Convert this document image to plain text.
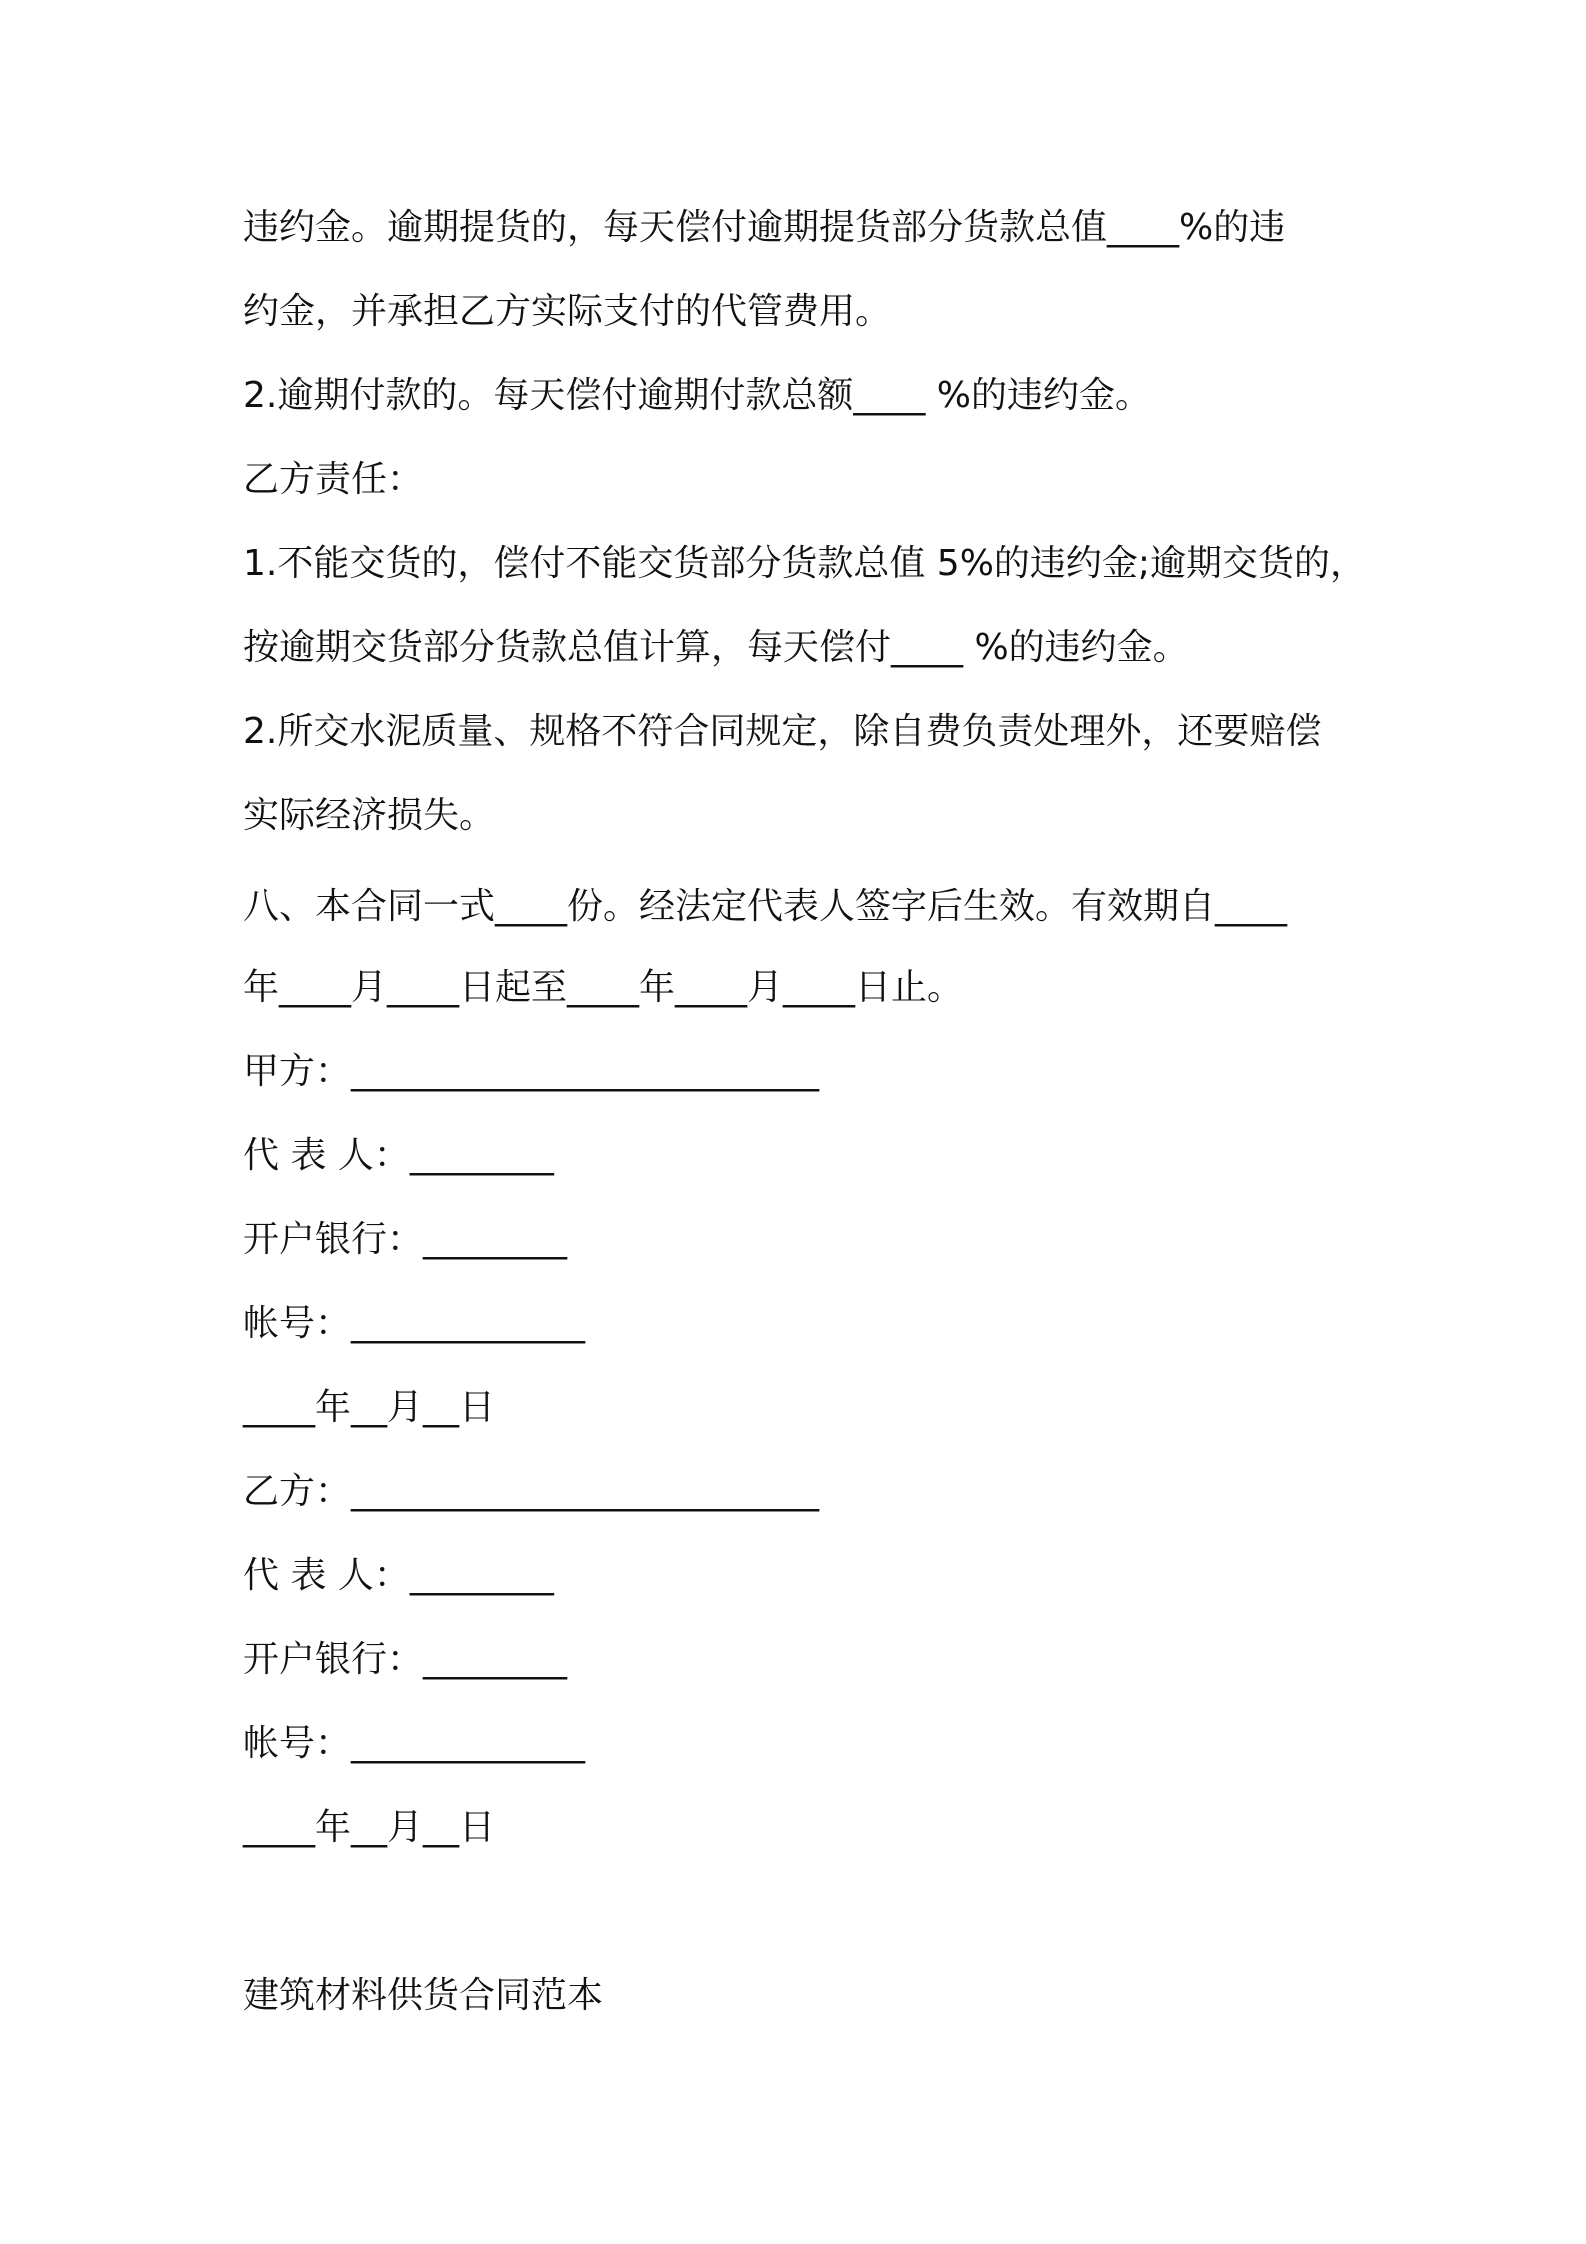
违约金。逾期提货的，每天偿付逾期提货部分货款总值____%的违
约金，并承担乙方实际支付的代管费用。
2.逾期付款的。每天偿付逾期付款总额____ %的违约金。
乙方责任：
1.不能交货的，偿付不能交货部分货款总值 5%的违约金;逾期交货的，
按逾期交货部分货款总值计算，每天偿付____ %的违约金。
2.所交水泥质量、规格不符合同规定，除自费负责处理外，还要赔偿
实际经济损失。
八、本合同一式____份。经法定代表人签字后生效。有效期自____
年____月____日起至____年____月____日止。
甲方：__________________________
代 表 人：________
开户银行：________
帐号：_____________
____年__月__日
乙方：__________________________
代 表 人：________
开户银行：________
帐号：_____________
____年__月__日
建筑材料供货合同范本
